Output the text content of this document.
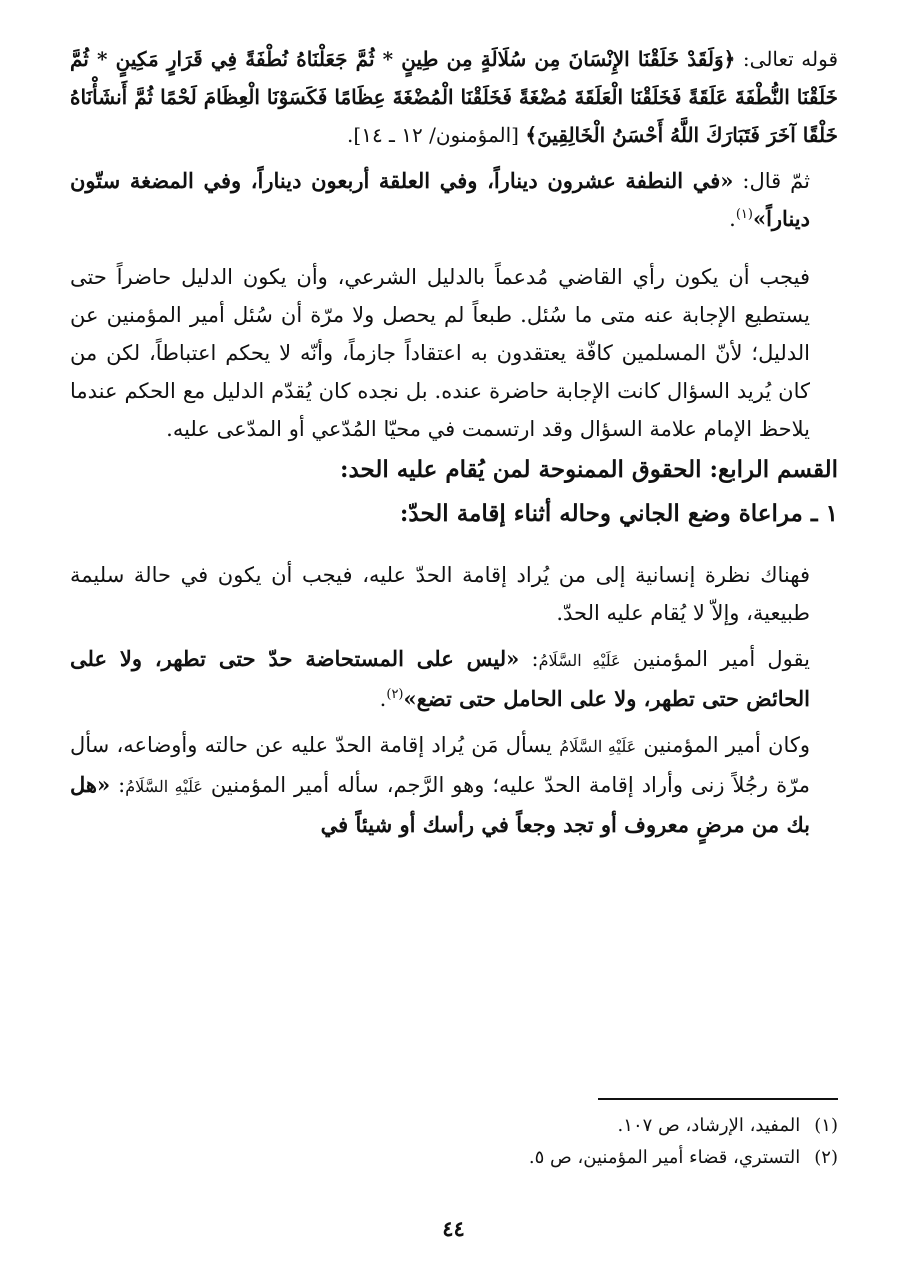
قوله تعالى: ﴿وَلَقَدْ خَلَقْنَا الإِنْسَانَ مِن سُلَالَةٍ مِن طِينٍ * ثُمَّ جَعَلْنَاهُ نُطْفَةً فِي قَرَارٍ مَكِينٍ * ثُمَّ خَلَقْنَا النُّطْفَةَ عَلَقَةً فَخَلَقْنَا الْعَلَقَةَ مُضْغَةً فَخَلَقْنَا الْمُضْغَةَ عِظَامًا فَكَسَوْنَا الْعِظَامَ لَحْمًا ثُمَّ أَنشَأْنَاهُ خَلْقًا آخَرَ فَتَبَارَكَ اللَّهُ أَحْسَنُ الْخَالِقِينَ﴾ [المؤمنون/ ١٢ ـ ١٤].

ثمّ قال: «في النطفة عشرون ديناراً، وفي العلقة أربعون ديناراً، وفي المضغة ستّون ديناراً»$^{(١)}$.

فيجب أن يكون رأي القاضي مُدعماً بالدليل الشرعي، وأن يكون الدليل حاضراً حتى يستطيع الإجابة عنه متى ما سُئل. طبعاً لم يحصل ولا مرّة أن سُئل أمير المؤمنين عن الدليل؛ لأنّ المسلمين كافّة يعتقدون به اعتقاداً جازماً، وأنّه لا يحكم اعتباطاً، لكن من كان يُريد السؤال كانت الإجابة حاضرة عنده. بل نجده كان يُقدّم الدليل مع الحكم عندما يلاحظ الإمام علامة السؤال وقد ارتسمت في محيّا المُدّعي أو المدّعى عليه.

القسم الرابع: الحقوق الممنوحة لمن يُقام عليه الحد:
١ ـ مراعاة وضع الجاني وحاله أثناء إقامة الحدّ:

فهناك نظرة إنسانية إلى من يُراد إقامة الحدّ عليه، فيجب أن يكون في حالة سليمة طبيعية، وإلاّ لا يُقام عليه الحدّ.

يقول أمير المؤمنين عَلَيْهِ السَّلَامُ: «ليس على المستحاضة حدّ حتى تطهر، ولا على الحائض حتى تطهر، ولا على الحامل حتى تضع»$^{(٢)}$.

وكان أمير المؤمنين عَلَيْهِ السَّلَامُ يسأل مَن يُراد إقامة الحدّ عليه عن حالته وأوضاعه، سأل مرّة رجُلاً زنى وأراد إقامة الحدّ عليه؛ وهو الرَّجم، سأله أمير المؤمنين عَلَيْهِ السَّلَامُ: «هل بك من مرضٍ معروف أو تجد وجعاً في رأسك أو شيئاً في

(١)المفيد، الإرشاد، ص ١٠٧.

(٢)التستري، قضاء أمير المؤمنين، ص ٥.

٤٤
